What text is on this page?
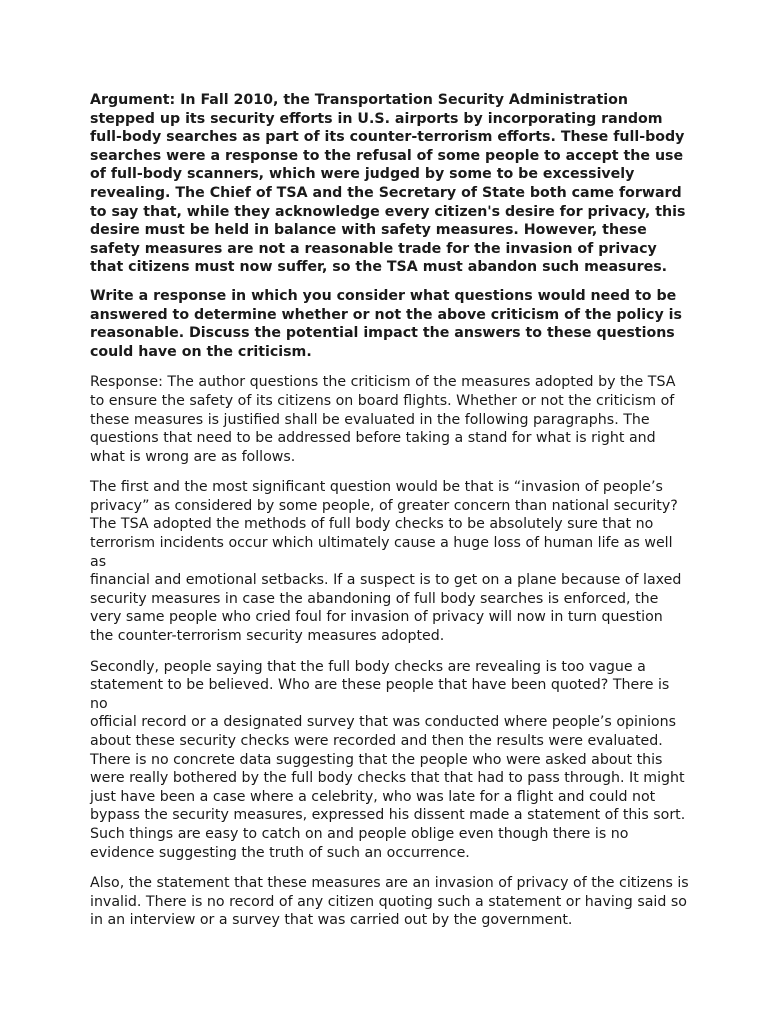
Argument: In Fall 2010, the Transportation Security Administration
stepped up its security efforts in U.S. airports by incorporating random
full-body searches as part of its counter-terrorism efforts. These full-body
searches were a response to the refusal of some people to accept the use
of full-body scanners, which were judged by some to be excessively
revealing. The Chief of TSA and the Secretary of State both came forward
to say that, while they acknowledge every citizen's desire for privacy, this
desire must be held in balance with safety measures. However, these
safety measures are not a reasonable trade for the invasion of privacy
that citizens must now suffer, so the TSA must abandon such measures.

Write a response in which you consider what questions would need to be
answered to determine whether or not the above criticism of the policy is
reasonable. Discuss the potential impact the answers to these questions
could have on the criticism.

Response: The author questions the criticism of the measures adopted by the TSA
to ensure the safety of its citizens on board flights. Whether or not the criticism of
these measures is justified shall be evaluated in the following paragraphs. The
questions that need to be addressed before taking a stand for what is right and
what is wrong are as follows.

The first and the most significant question would be that is “invasion of people’s
privacy” as considered by some people, of greater concern than national security?
The TSA adopted the methods of full body checks to be absolutely sure that no
terrorism incidents occur which ultimately cause a huge loss of human life as well as
financial and emotional setbacks. If a suspect is to get on a plane because of laxed
security measures in case the abandoning of full body searches is enforced, the
very same people who cried foul for invasion of privacy will now in turn question
the counter-terrorism security measures adopted.

Secondly, people saying that the full body checks are revealing is too vague a
statement to be believed. Who are these people that have been quoted? There is no
official record or a designated survey that was conducted where people’s opinions
about these security checks were recorded and then the results were evaluated.
There is no concrete data suggesting that the people who were asked about this
were really bothered by the full body checks that that had to pass through. It might
just have been a case where a celebrity, who was late for a flight and could not
bypass the security measures, expressed his dissent made a statement of this sort.
Such things are easy to catch on and people oblige even though there is no
evidence suggesting the truth of such an occurrence.

Also, the statement that these measures are an invasion of privacy of the citizens is
invalid. There is no record of any citizen quoting such a statement or having said so
in an interview or a survey that was carried out by the government.
